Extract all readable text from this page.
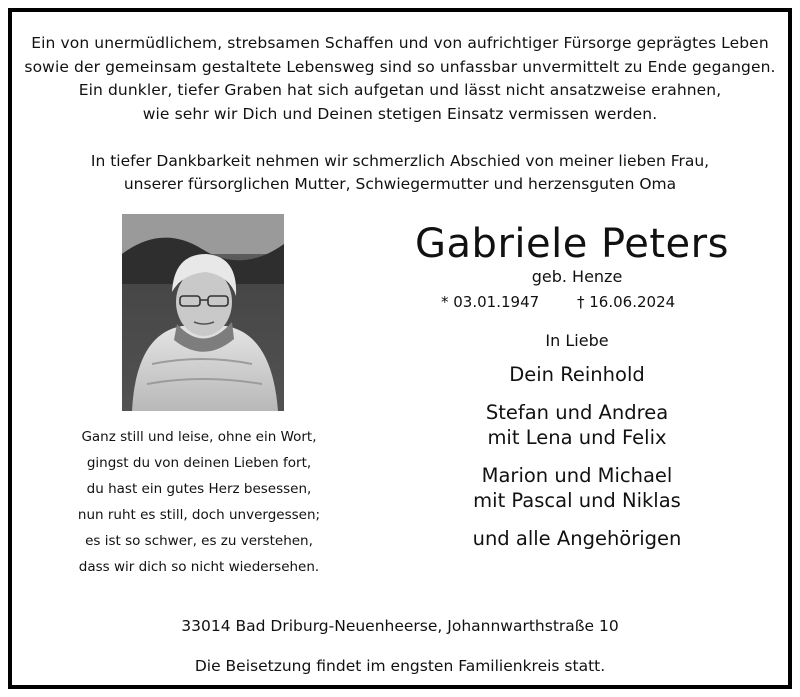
Ein von unermüdlichem, strebsamen Schaffen und von aufrichtiger Fürsorge geprägtes Leben
sowie der gemeinsam gestaltete Lebensweg sind so unfassbar unvermittelt zu Ende gegangen.
Ein dunkler, tiefer Graben hat sich aufgetan und lässt nicht ansatzweise erahnen,
wie sehr wir Dich und Deinen stetigen Einsatz vermissen werden.
In tiefer Dankbarkeit nehmen wir schmerzlich Abschied von meiner lieben Frau,
unserer fürsorglichen Mutter, Schwiegermutter und herzensguten Oma
Ganz still und leise, ohne ein Wort,
gingst du von deinen Lieben fort,
du hast ein gutes Herz besessen,
nun ruht es still, doch unvergessen;
es ist so schwer, es zu verstehen,
dass wir dich so nicht wiedersehen.
Gabriele Peters
geb. Henze
* 03.01.1947	† 16.06.2024
In Liebe
Dein Reinhold
Stefan und Andrea
mit Lena und Felix
Marion und Michael
mit Pascal und Niklas
und alle Angehörigen
33014 Bad Driburg-Neuenheerse, Johannwarthstraße 10
Die Beisetzung findet im engsten Familienkreis statt.
